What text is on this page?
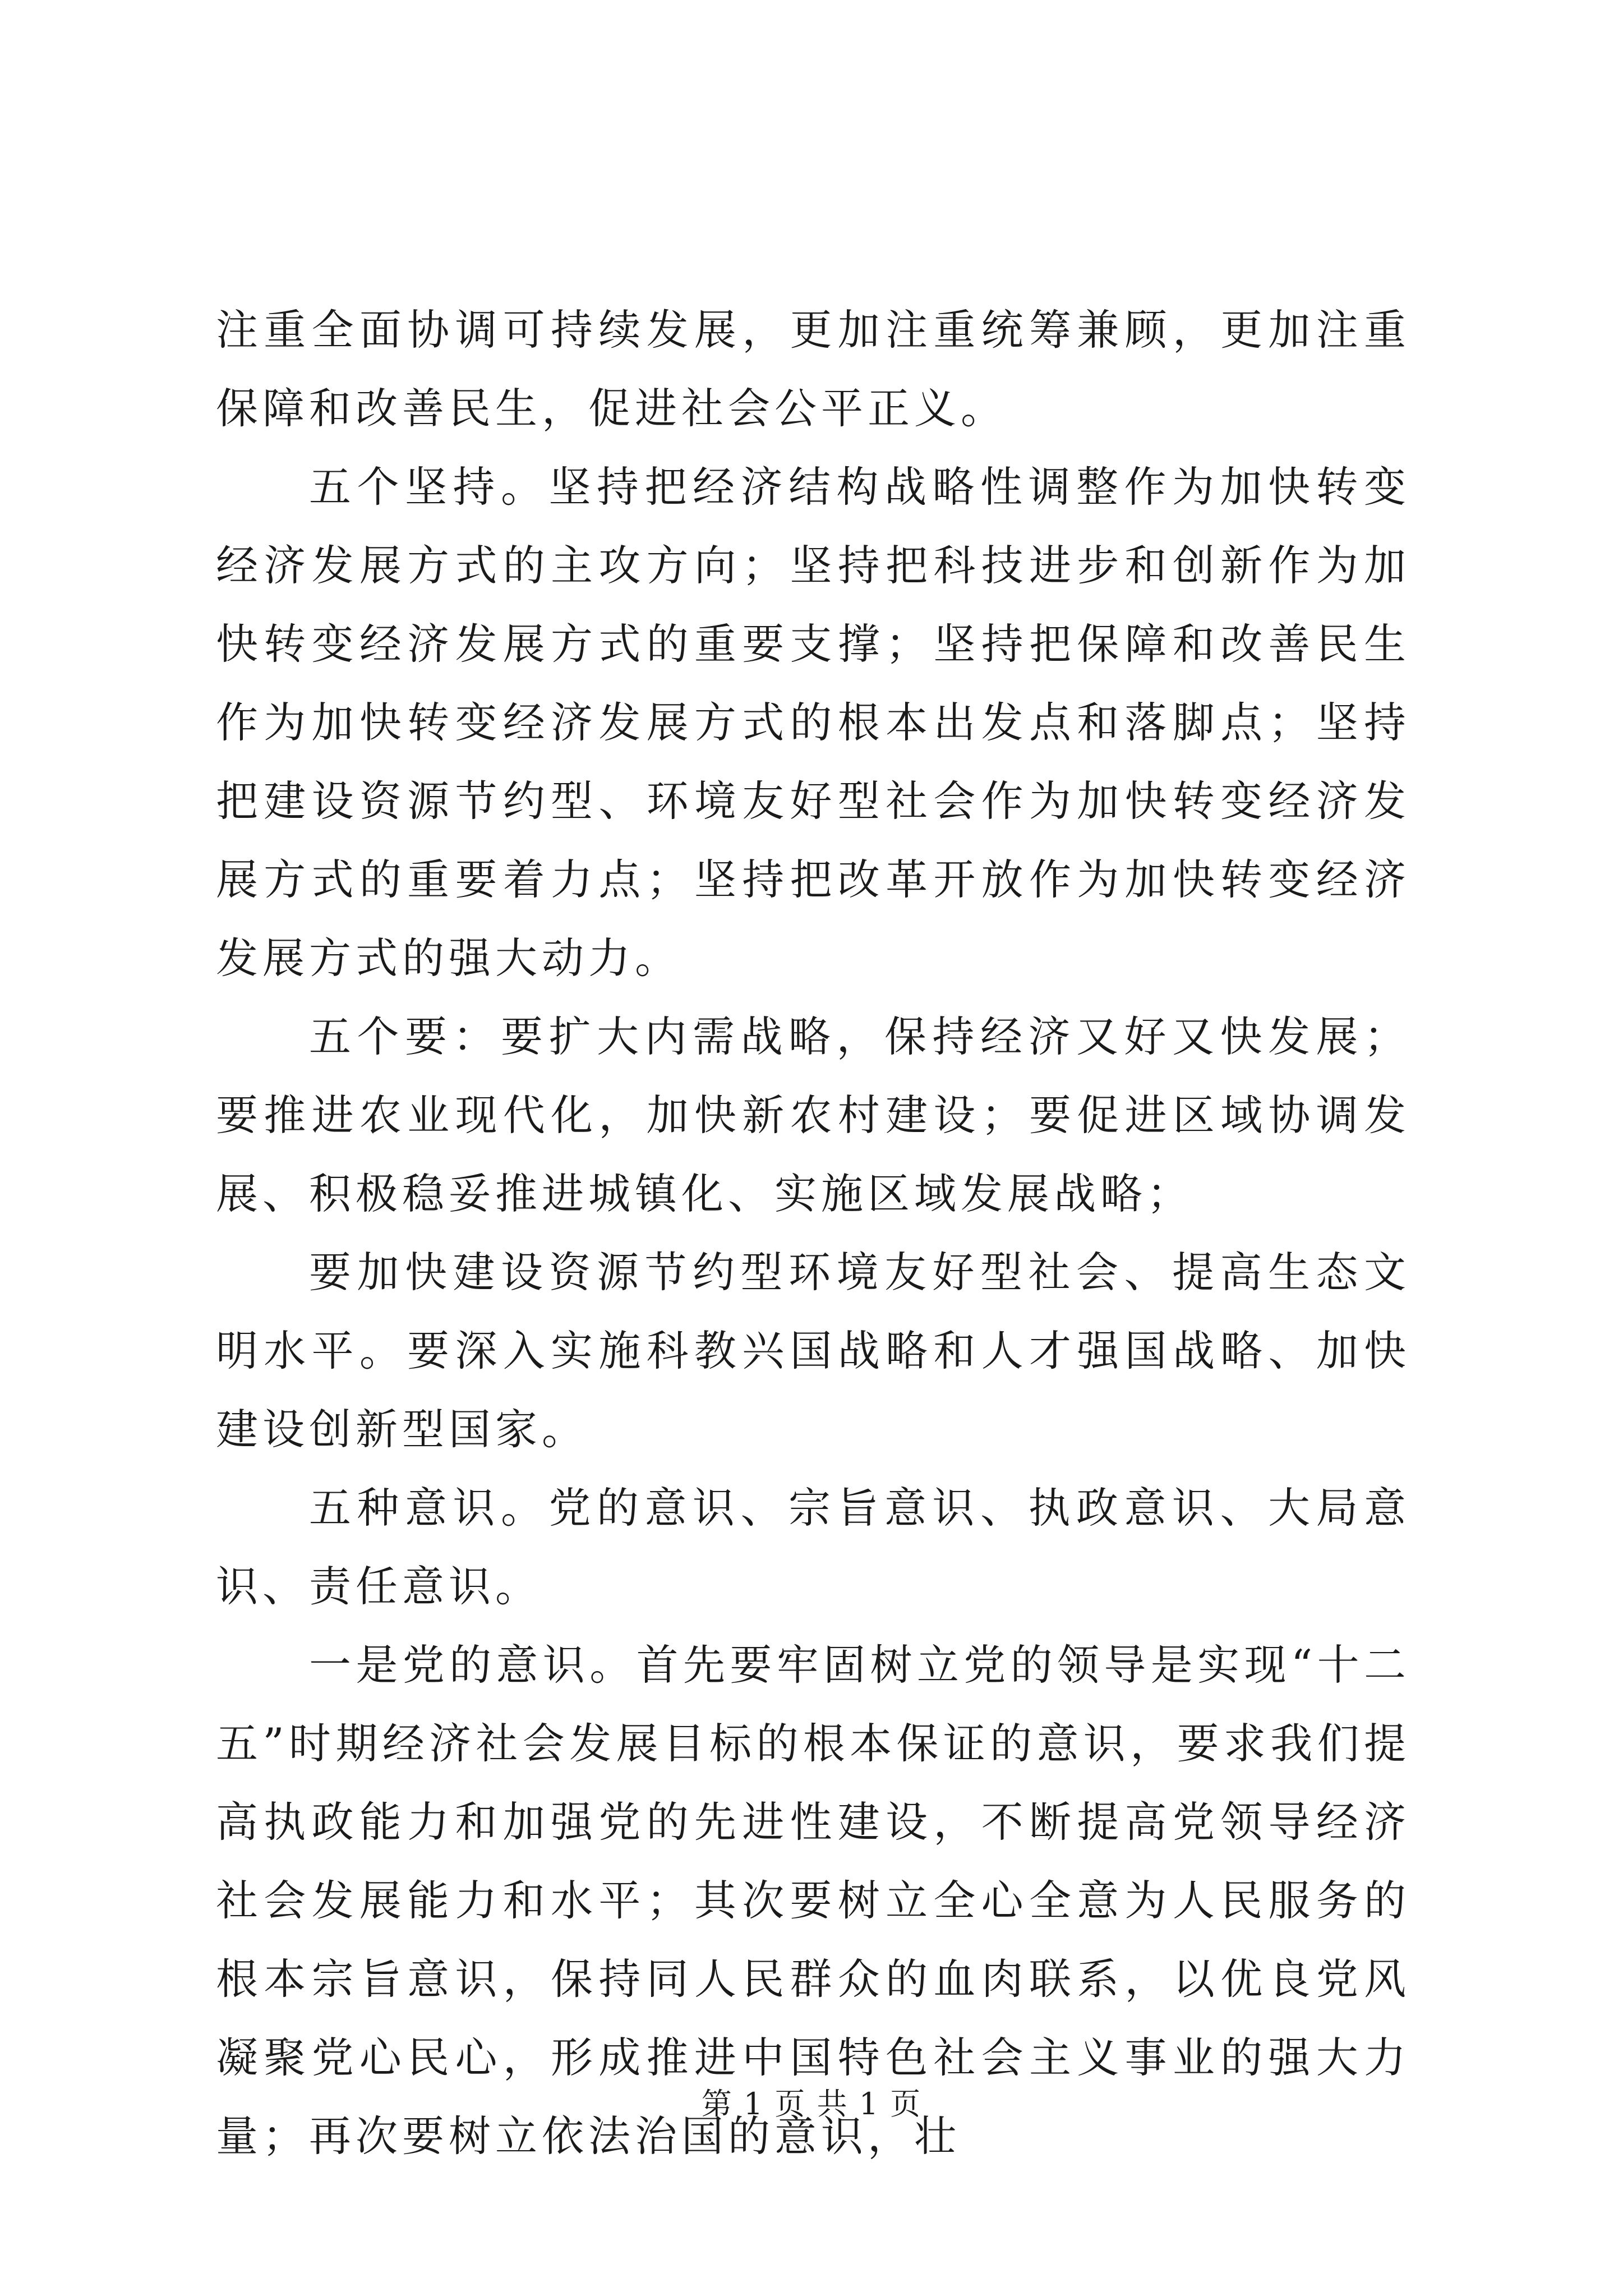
注重全面协调可持续发展，更加注重统筹兼顾，更加注重保障和改善民生，促进社会公平正义。

五个坚持。坚持把经济结构战略性调整作为加快转变经济发展方式的主攻方向；坚持把科技进步和创新作为加快转变经济发展方式的重要支撑；坚持把保障和改善民生作为加快转变经济发展方式的根本出发点和落脚点；坚持把建设资源节约型、环境友好型社会作为加快转变经济发展方式的重要着力点；坚持把改革开放作为加快转变经济发展方式的强大动力。

五个要：要扩大内需战略，保持经济又好又快发展；要推进农业现代化，加快新农村建设；要促进区域协调发展、积极稳妥推进城镇化、实施区域发展战略；

要加快建设资源节约型环境友好型社会、提高生态文明水平。要深入实施科教兴国战略和人才强国战略、加快建设创新型国家。

五种意识。党的意识、宗旨意识、执政意识、大局意识、责任意识。

一是党的意识。首先要牢固树立党的领导是实现“十二五”时期经济社会发展目标的根本保证的意识，要求我们提高执政能力和加强党的先进性建设，不断提高党领导经济社会发展能力和水平；其次要树立全心全意为人民服务的根本宗旨意识，保持同人民群众的血肉联系，以优良党风凝聚党心民心，形成推进中国特色社会主义事业的强大力量；再次要树立依法治国的意识，壮

第 1 页 共 1 页
